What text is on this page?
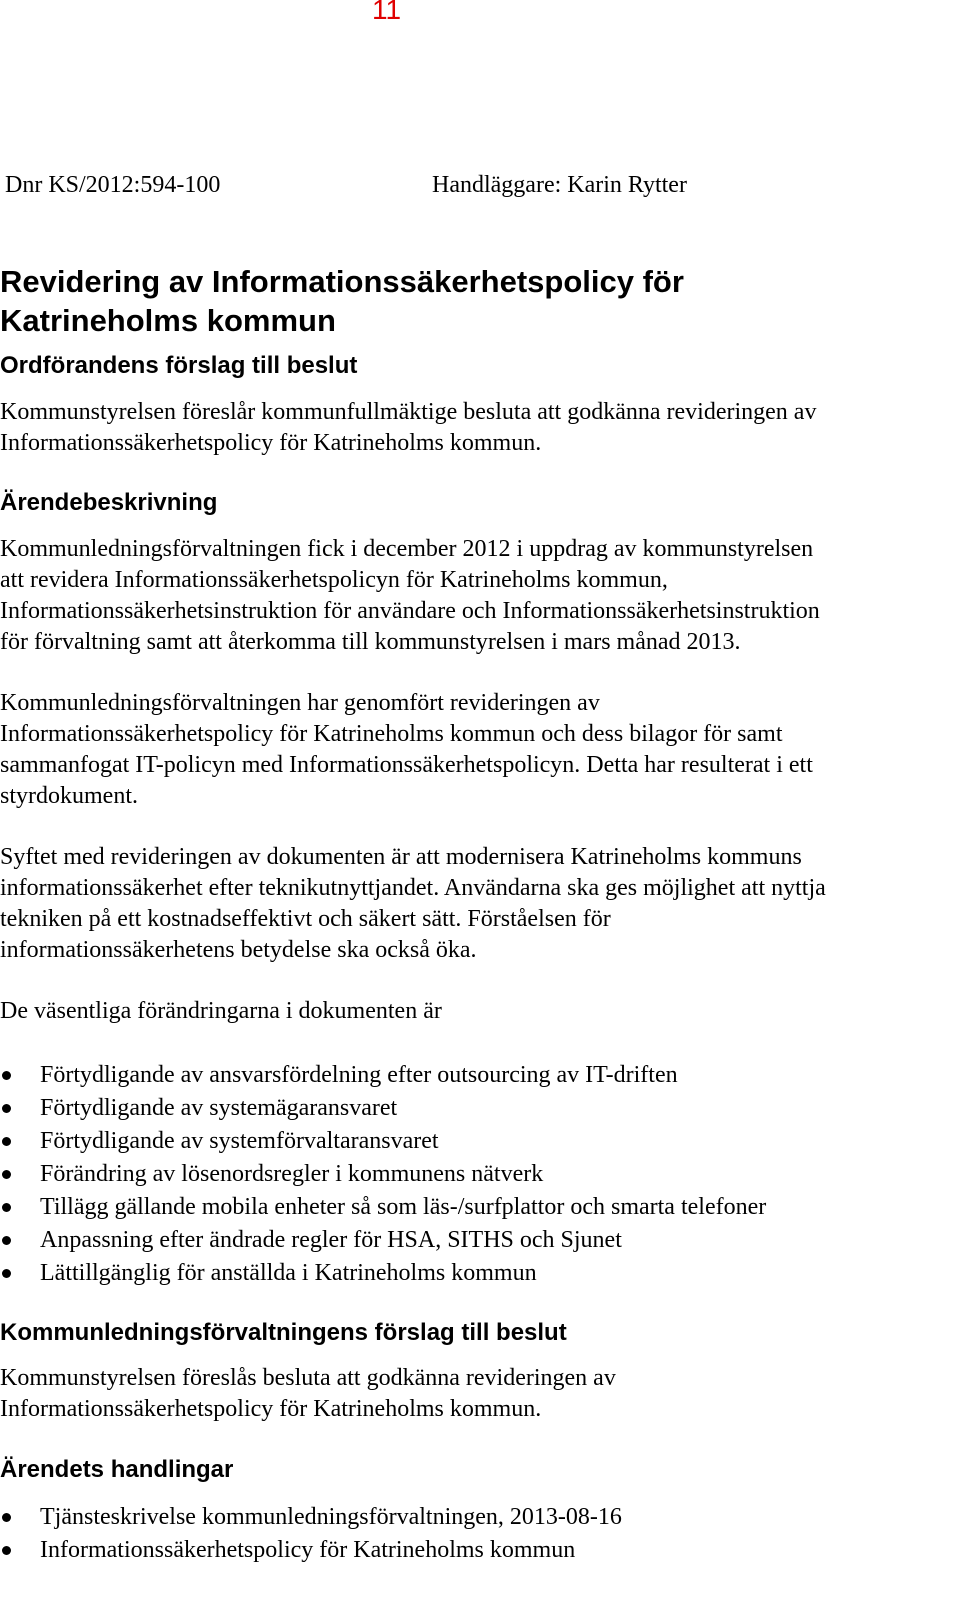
11
Dnr KS/2012:594-100	Handläggare: Karin Rytter
Revidering av Informationssäkerhetspolicy för
Katrineholms kommun
Ordförandens förslag till beslut

Kommunstyrelsen föreslår kommunfullmäktige besluta att godkänna revideringen av
Informationssäkerhetspolicy för Katrineholms kommun.

Ärendebeskrivning

Kommunledningsförvaltningen fick i december 2012 i uppdrag av kommunstyrelsen
att revidera Informationssäkerhetspolicyn för Katrineholms kommun,
Informationssäkerhetsinstruktion för användare och Informationssäkerhetsinstruktion
för förvaltning samt att återkomma till kommunstyrelsen i mars månad 2013.

Kommunledningsförvaltningen har genomfört revideringen av
Informationssäkerhetspolicy för Katrineholms kommun och dess bilagor för samt
sammanfogat IT-policyn med Informationssäkerhetspolicyn. Detta har resulterat i ett
styrdokument.

Syftet med revideringen av dokumenten är att modernisera Katrineholms kommuns
informationssäkerhet efter teknikutnyttjandet. Användarna ska ges möjlighet att nyttja
tekniken på ett kostnadseffektivt och säkert sätt. Förståelsen för
informationssäkerhetens betydelse ska också öka.

De väsentliga förändringarna i dokumenten är

Förtydligande av ansvarsfördelning efter outsourcing av IT-driften
Förtydligande av systemägaransvaret
Förtydligande av systemförvaltaransvaret
Förändring av lösenordsregler i kommunens nätverk
Tillägg gällande mobila enheter så som läs-/surfplattor och smarta telefoner
Anpassning efter ändrade regler för HSA, SITHS och Sjunet
Lättillgänglig för anställda i Katrineholms kommun
Kommunledningsförvaltningens förslag till beslut

Kommunstyrelsen föreslås besluta att godkänna revideringen av
Informationssäkerhetspolicy för Katrineholms kommun.

Ärendets handlingar
Tjänsteskrivelse kommunledningsförvaltningen, 2013-08-16
Informationssäkerhetspolicy för Katrineholms kommun
